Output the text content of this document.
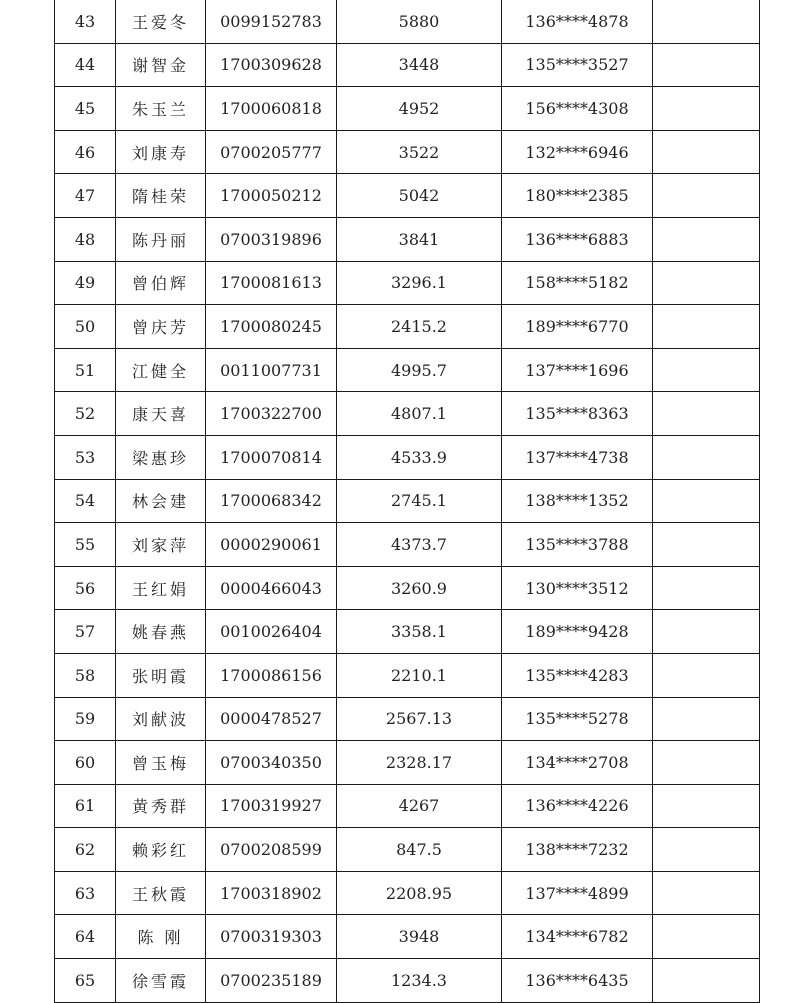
43	王爱冬	0099152783	5880	136****4878	
44	谢智金	1700309628	3448	135****3527	
45	朱玉兰	1700060818	4952	156****4308	
46	刘康寿	0700205777	3522	132****6946	
47	隋桂荣	1700050212	5042	180****2385	
48	陈丹丽	0700319896	3841	136****6883	
49	曾伯辉	1700081613	3296.1	158****5182	
50	曾庆芳	1700080245	2415.2	189****6770	
51	江健全	0011007731	4995.7	137****1696	
52	康天喜	1700322700	4807.1	135****8363	
53	梁惠珍	1700070814	4533.9	137****4738	
54	林会建	1700068342	2745.1	138****1352	
55	刘家萍	0000290061	4373.7	135****3788	
56	王红娟	0000466043	3260.9	130****3512	
57	姚春燕	0010026404	3358.1	189****9428	
58	张明霞	1700086156	2210.1	135****4283	
59	刘献波	0000478527	2567.13	135****5278	
60	曾玉梅	0700340350	2328.17	134****2708	
61	黄秀群	1700319927	4267	136****4226	
62	赖彩红	0700208599	847.5	138****7232	
63	王秋霞	1700318902	2208.95	137****4899	
64	陈 刚	0700319303	3948	134****6782	
65	徐雪霞	0700235189	1234.3	136****6435	
